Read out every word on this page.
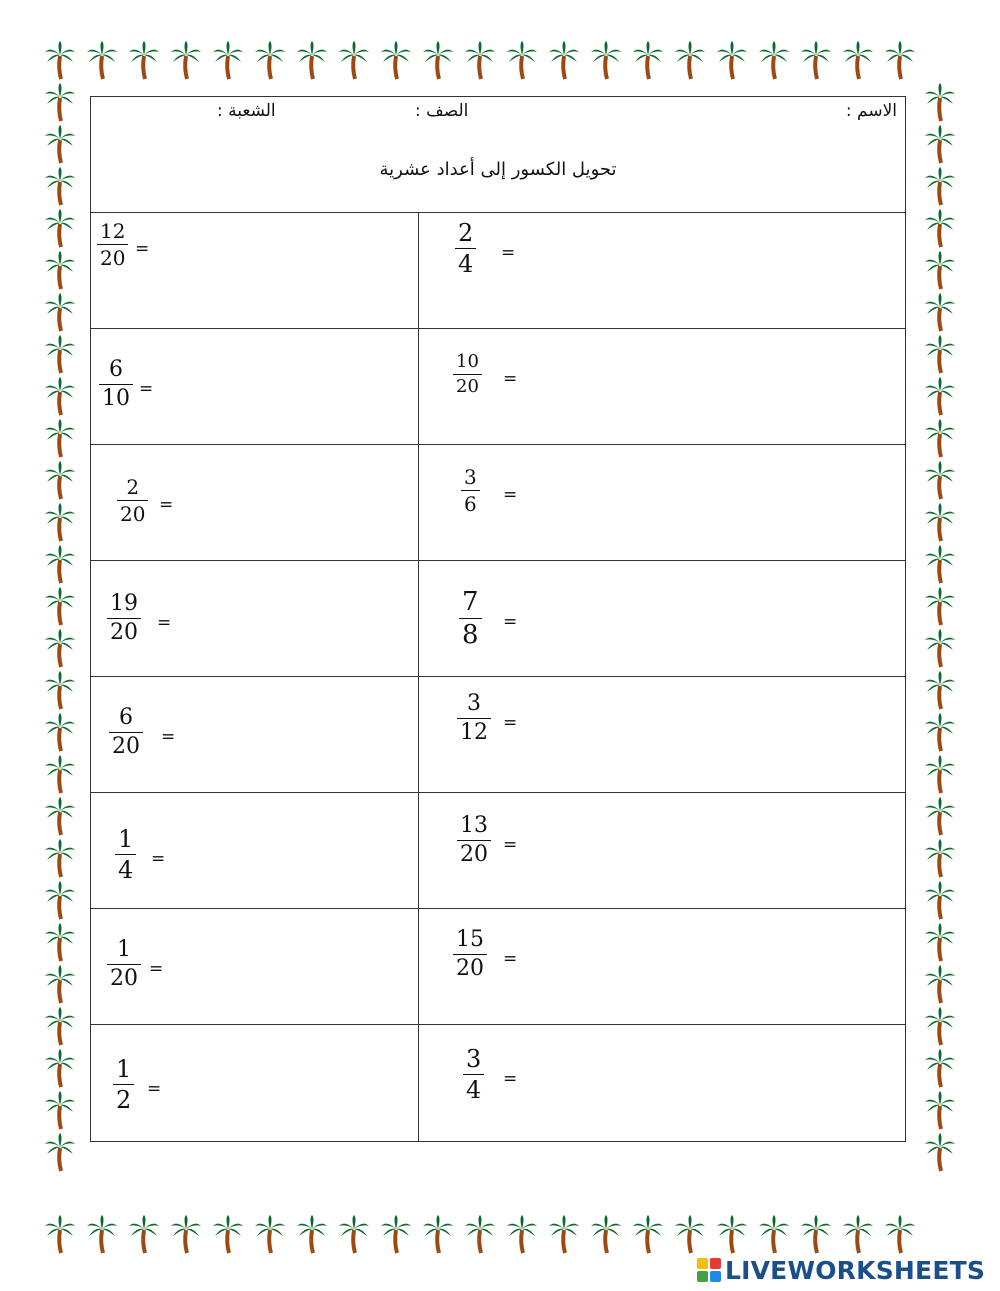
الاسم :
الصف :
الشعبة :
تحويل الكسور إلى أعداد عشرية
12
20 =
2
4 =
6
10 =
10
20 =
2
20 =
3
6 =
19
20 =
7
8 =
6
20 =
3
12 =
1
4 =
13
20 =
1
20 =
15
20 =
1
2 =
3
4 =
LIVEWORKSHEETS
